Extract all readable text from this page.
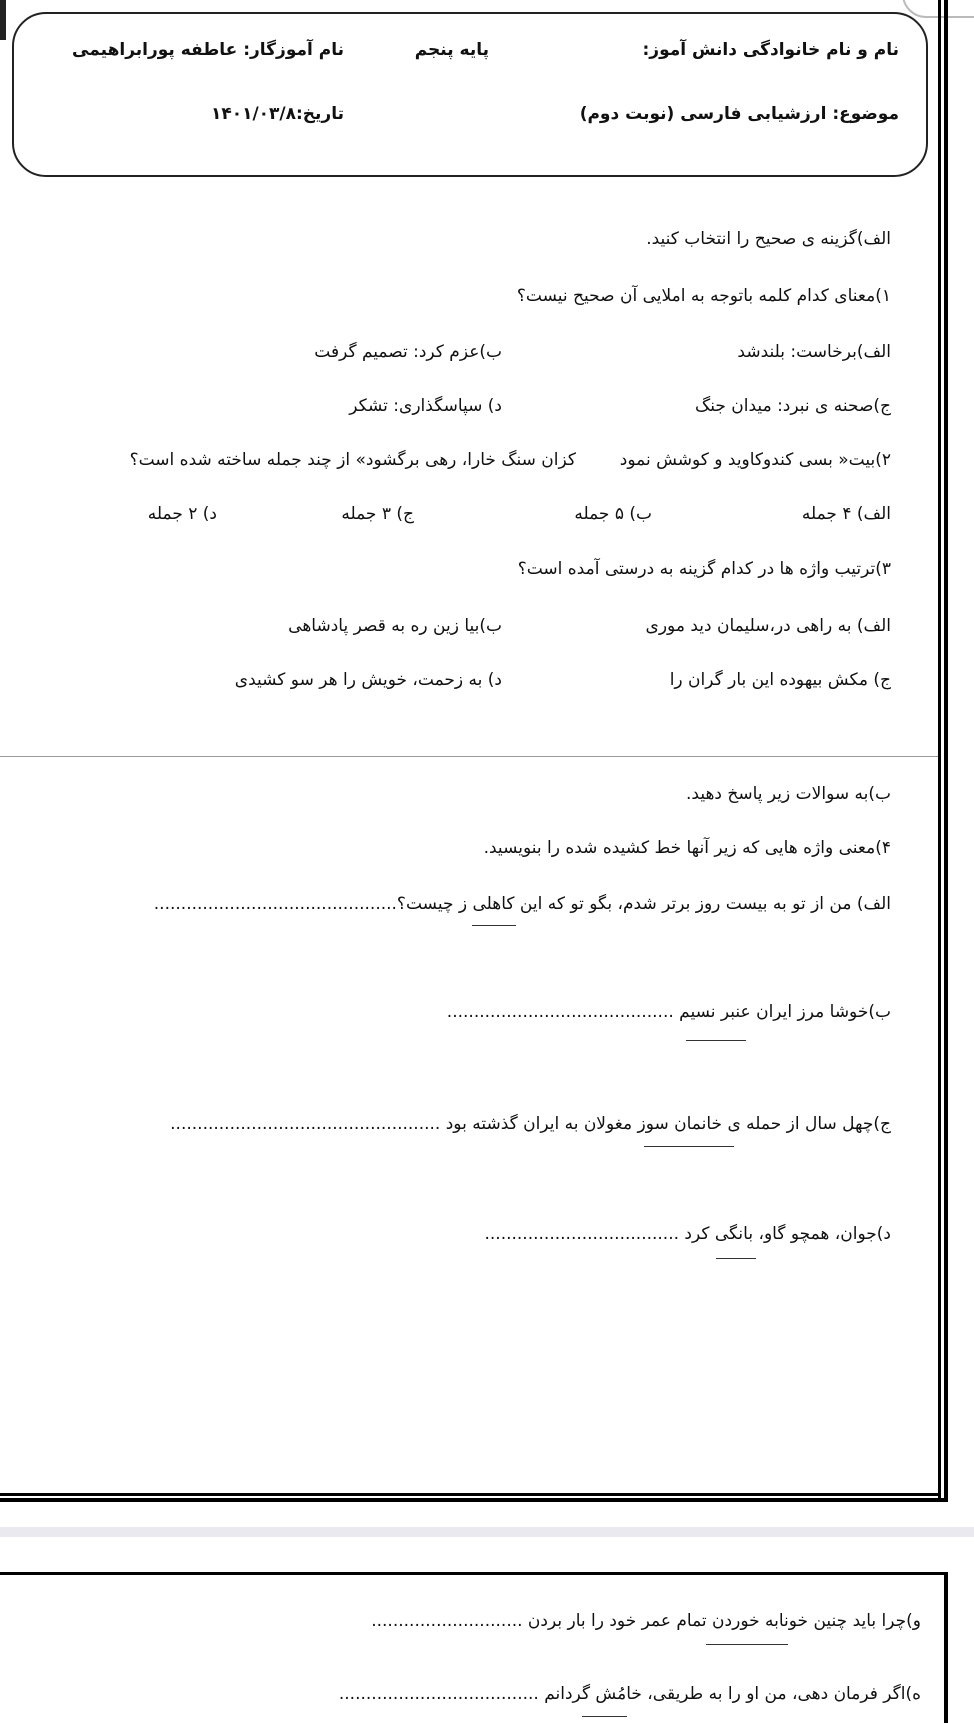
نام و نام خانوادگی دانش آموز:
پایه پنجم
نام آموزگار: عاطفه پورابراهیمی
موضوع: ارزشیابی فارسی (نوبت دوم)
تاریخ:۱۴۰۱/۰۳/۸
الف)گزینه ی صحیح را انتخاب کنید.
۱)معنای کدام کلمه باتوجه به املایی آن صحیح نیست؟
الف)برخاست: بلندشد
ب)عزم کرد: تصمیم گرفت
ج)صحنه ی نبرد: میدان جنگ
د) سپاسگذاری: تشکر
۲)بیت« بسی کندوکاوید و کوشش نمود
کزان سنگ خارا، رهی برگشود» از چند جمله ساخته شده است؟
الف) ۴ جمله
ب) ۵ جمله
ج) ۳ جمله
د) ۲ جمله
۳)ترتیب واژه ها در کدام گزینه به درستی آمده است؟
الف) به راهی در،سلیمان دید موری
ب)بیا زین ره به قصر پادشاهی
ج) مکش بیهوده این بار گران را
د) به زحمت، خویش را هر سو کشیدی
ب)به سوالات زیر پاسخ دهید.
۴)معنی واژه هایی که زیر آنها خط کشیده شده را بنویسید.
الف) من از تو به بیست روز برتر شدم، بگو تو که این کاهلی ز چیست؟.............................................
ب)خوشا مرز ایران عنبر نسیم ..........................................
ج)چهل سال از حمله ی خانمان سوز مغولان به ایران گذشته بود ..................................................
د)جوان، همچو گاو، بانگی کرد ....................................
و)چرا باید چنین خونابه خوردن تمام عمر خود را بار بردن ............................
ه)اگر فرمان دهی، من او را به طریقی، خامُش گردانم .....................................
